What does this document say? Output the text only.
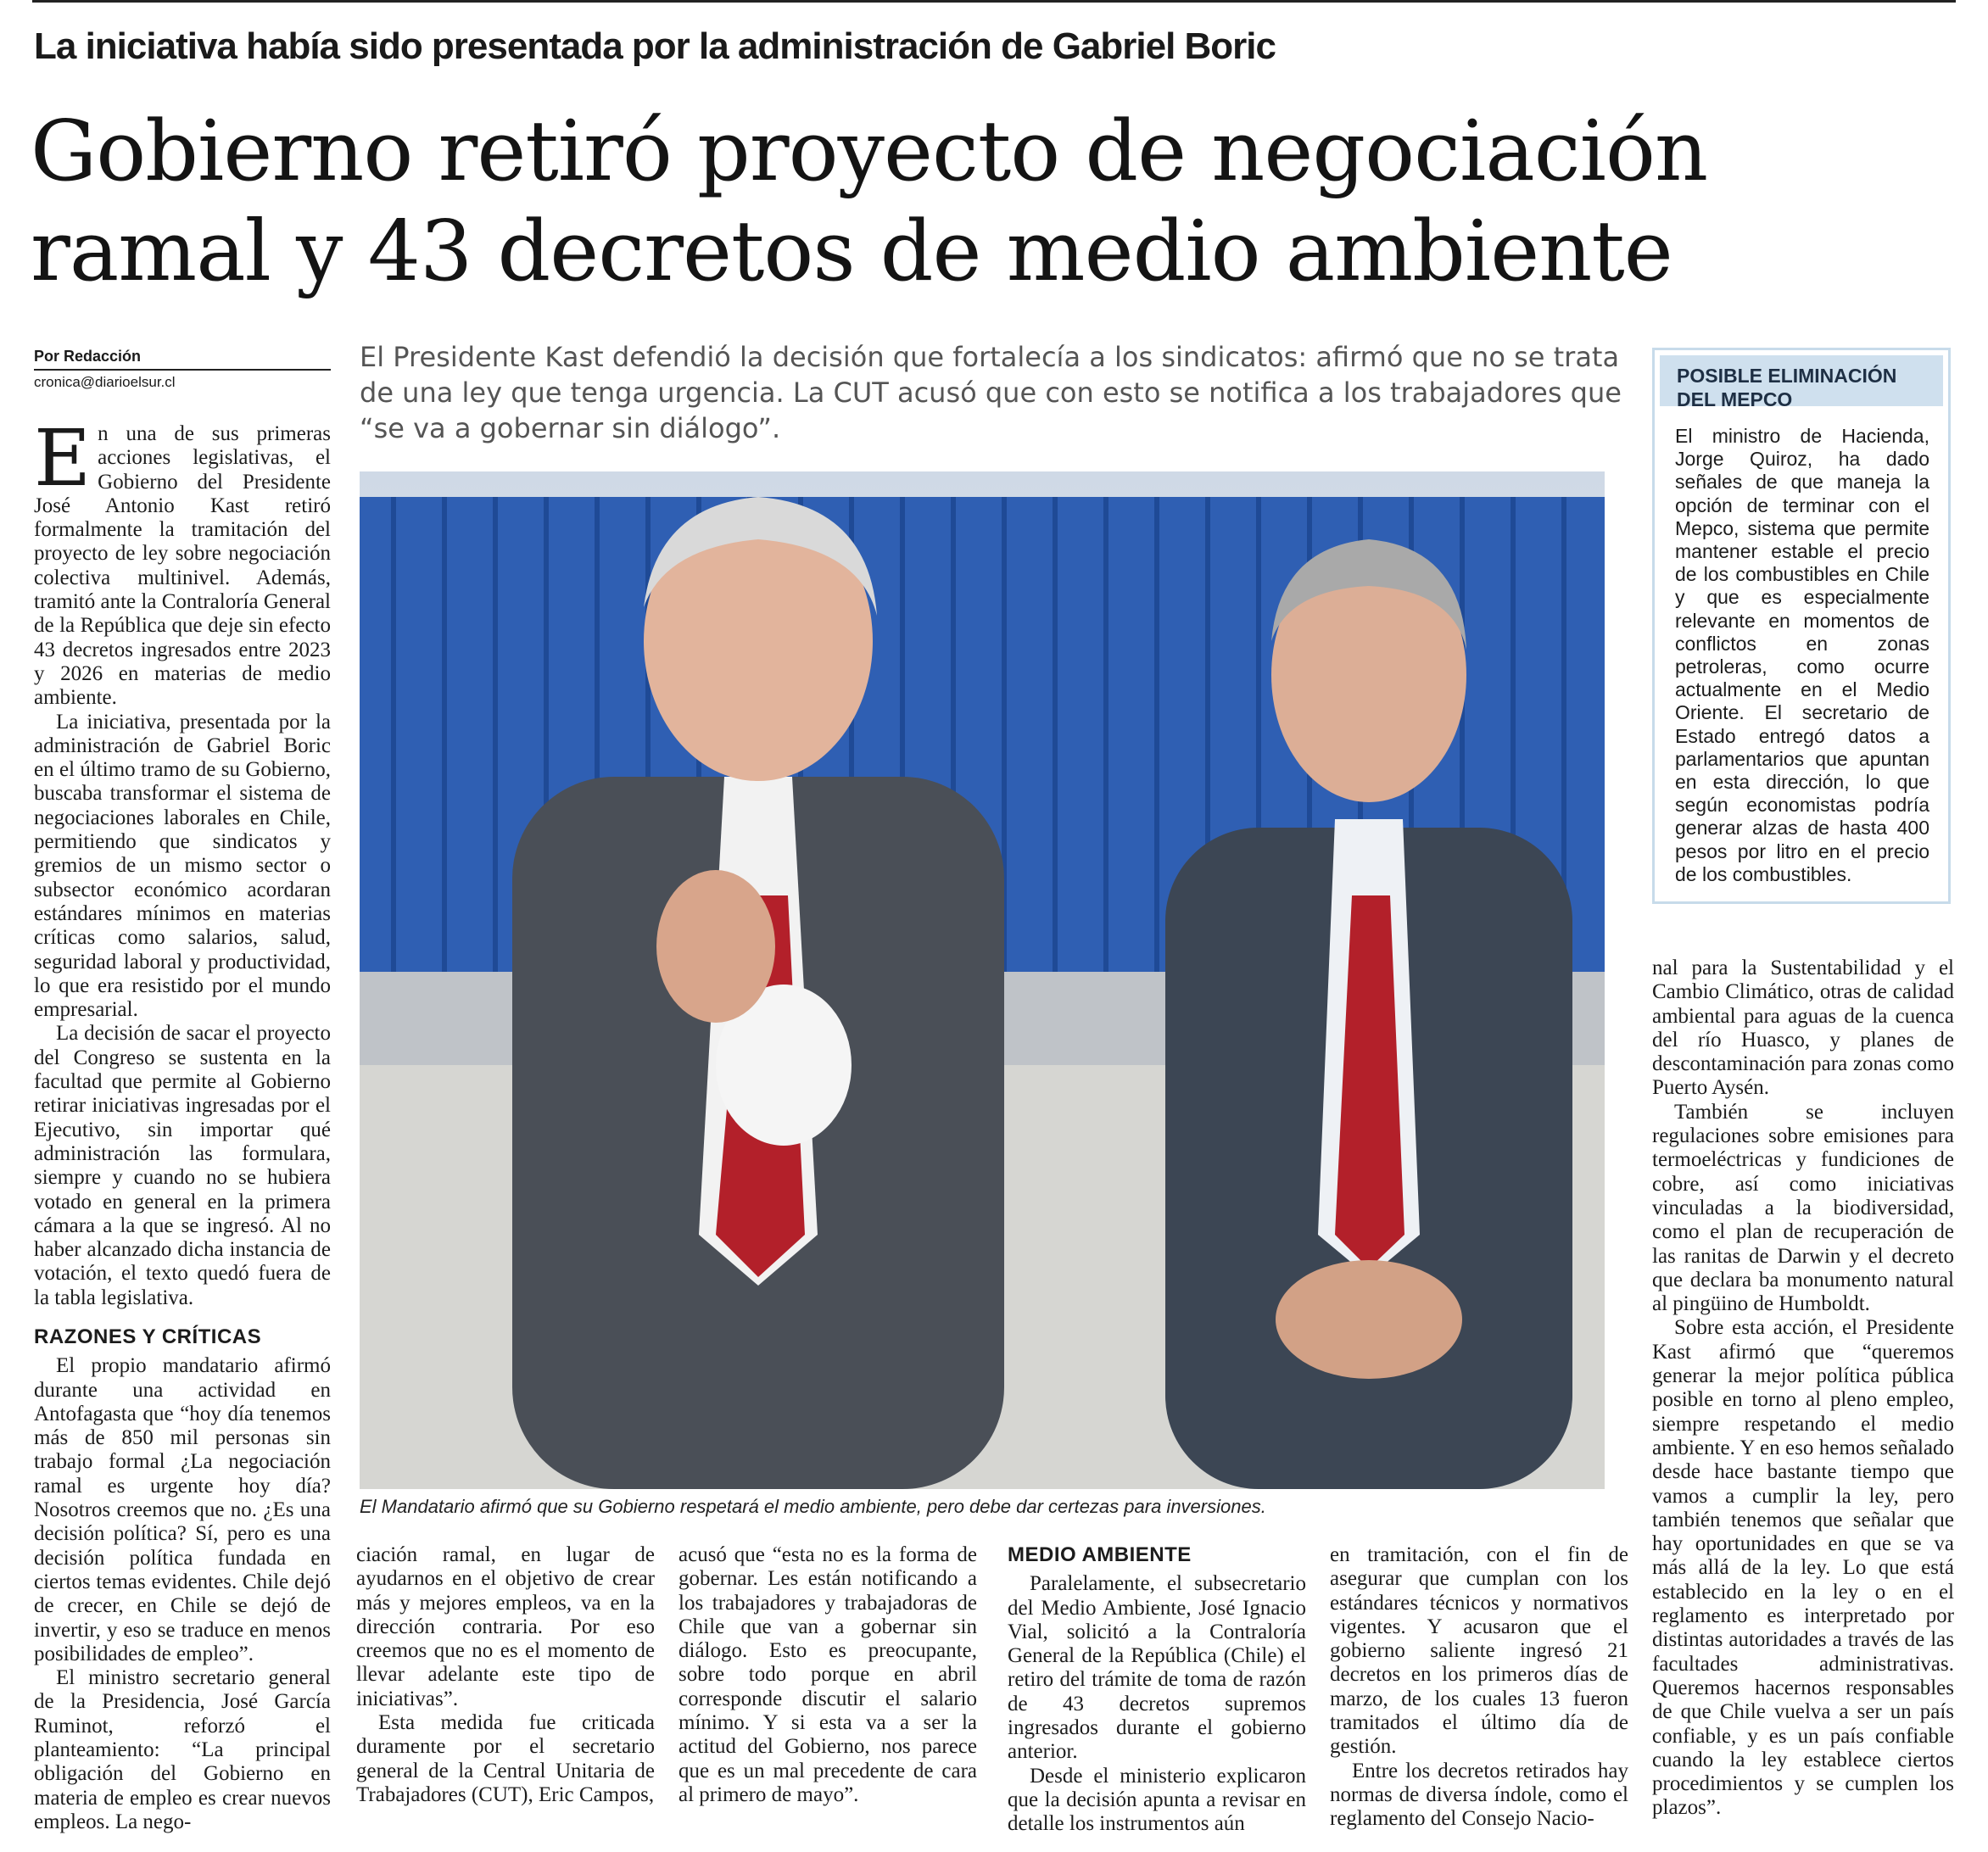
La iniciativa había sido presentada por la administración de Gabriel Boric
Gobierno retiró proyecto de negociación
ramal y 43 decretos de medio ambiente
Por Redacción
cronica@diarioelsur.cl
El Presidente Kast defendió la decisión que fortalecía a los sindicatos: afirmó que no se trata de una ley que tenga urgencia. La CUT acusó que con esto se notifica a los trabajadores que “se va a gobernar sin diálogo”.

En una de sus primeras acciones legislativas, el Gobierno del Presidente José Antonio Kast retiró formalmente la tramitación del proyecto de ley sobre negociación colectiva multinivel. Además, tramitó ante la Contraloría General de la República que deje sin efecto 43 decretos ingresados entre 2023 y 2026 en materias de medio ambiente.

La iniciativa, presentada por la administración de Gabriel Boric en el último tramo de su Gobierno, buscaba transformar el sistema de negociaciones laborales en Chile, permitiendo que sindicatos y gremios de un mismo sector o subsector económico acordaran estándares mínimos en materias críticas como salarios, salud, seguridad laboral y productividad, lo que era resistido por el mundo empresarial.

La decisión de sacar el proyecto del Congreso se sustenta en la facultad que permite al Gobierno retirar iniciativas ingresadas por el Ejecutivo, sin importar qué administración las formulara, siempre y cuando no se hubiera votado en general en la primera cámara a la que se ingresó. Al no haber alcanzado dicha instancia de votación, el texto quedó fuera de la tabla legislativa.

RAZONES Y CRÍTICAS

El propio mandatario afirmó durante una actividad en Antofagasta que “hoy día tenemos más de 850 mil personas sin trabajo formal ¿La negociación ramal es urgente hoy día? Nosotros creemos que no. ¿Es una decisión política? Sí, pero es una decisión política fundada en ciertos temas evidentes. Chile dejó de crecer, en Chile se dejó de invertir, y eso se traduce en menos posibilidades de empleo”.

El ministro secretario general de la Presidencia, José García Ruminot, reforzó el planteamiento: “La principal obligación del Gobierno en materia de empleo es crear nuevos empleos. La nego-

El Mandatario afirmó que su Gobierno respetará el medio ambiente, pero debe dar certezas para inversiones.
POSIBLE ELIMINACIÓN
DEL MEPCO
El ministro de Hacienda, Jorge Quiroz, ha dado señales de que maneja la opción de terminar con el Mepco, sistema que permite mantener estable el precio de los combustibles en Chile y que es especialmente relevante en momentos de conflictos en zonas petroleras, como ocurre actualmente en el Medio Oriente. El secretario de Estado entregó datos a parlamentarios que apuntan en esta dirección, lo que según economistas podría generar alzas de hasta 400 pesos por litro en el precio de los combustibles.

ciación ramal, en lugar de ayudarnos en el objetivo de crear más y mejores empleos, va en la dirección contraria. Por eso creemos que no es el momento de llevar adelante este tipo de iniciativas”.

Esta medida fue criticada duramente por el secretario general de la Central Unitaria de Trabajadores (CUT), Eric Campos,

acusó que “esta no es la forma de gobernar. Les están notificando a los trabajadores y trabajadoras de Chile que van a gobernar sin diálogo. Esto es preocupante, sobre todo porque en abril corresponde discutir el salario mínimo. Y si esta va a ser la actitud del Gobierno, nos parece que es un mal precedente de cara al primero de mayo”.

MEDIO AMBIENTE

Paralelamente, el subsecretario del Medio Ambiente, José Ignacio Vial, solicitó a la Contraloría General de la República (Chile) el retiro del trámite de toma de razón de 43 decretos supremos ingresados durante el gobierno anterior.

Desde el ministerio explicaron que la decisión apunta a revisar en detalle los instrumentos aún

en tramitación, con el fin de asegurar que cumplan con los estándares técnicos y normativos vigentes. Y acusaron que el gobierno saliente ingresó 21 decretos en los primeros días de marzo, de los cuales 13 fueron tramitados el último día de gestión.

Entre los decretos retirados hay normas de diversa índole, como el reglamento del Consejo Nacio-

nal para la Sustentabilidad y el Cambio Climático, otras de calidad ambiental para aguas de la cuenca del río Huasco, y planes de descontaminación para zonas como Puerto Aysén.

También se incluyen regulaciones sobre emisiones para termoeléctricas y fundiciones de cobre, así como iniciativas vinculadas a la biodiversidad, como el plan de recuperación de las ranitas de Darwin y el decreto que declara ba monumento natural al pingüino de Humboldt.

Sobre esta acción, el Presidente Kast afirmó que “queremos generar la mejor política pública posible en torno al pleno empleo, siempre respetando el medio ambiente. Y en eso hemos señalado desde hace bastante tiempo que vamos a cumplir la ley, pero también tenemos que señalar que hay oportunidades en que se va más allá de la ley. Lo que está establecido en la ley o en el reglamento es interpretado por distintas autoridades a través de las facultades administrativas. Queremos hacernos responsables de que Chile vuelva a ser un país confiable, y es un país confiable cuando la ley establece ciertos procedimientos y se cumplen los plazos”.
